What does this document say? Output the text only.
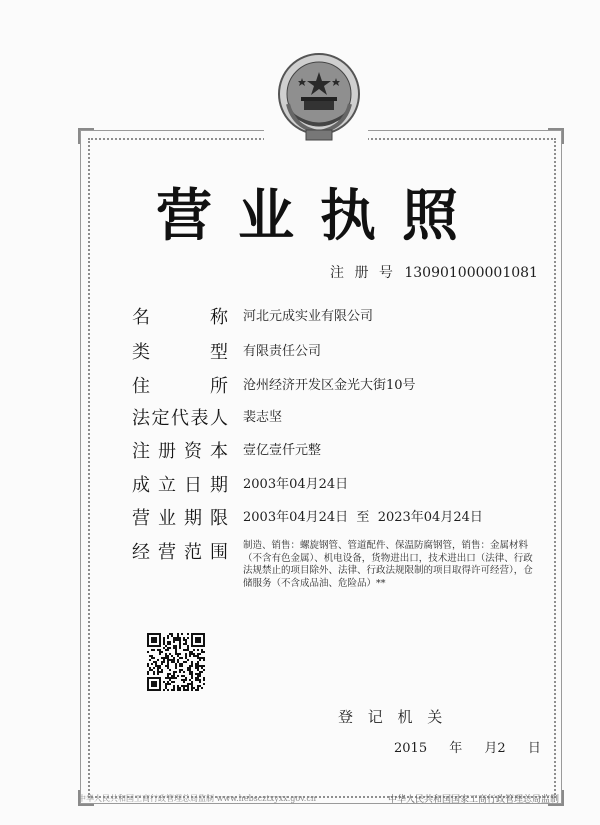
营业执照
注 册 号 130901000001081
名	称 河北元成实业有限公司
类	型 有限责任公司
住	所 沧州经济开发区金光大街10号
法 定 代 表 人 裴志坚
注 册 资 本 壹亿壹仟元整
成 立 日 期 2003年04月24日
营 业 期 限 2003年04月24日  至  2023年04月24日
经 营 范 围 制造、销售：螺旋钢管、管道配件、保温防腐钢管，销售：金属材料（不含有色金属）、机电设备，货物进出口，技术进出口（法律、行政法规禁止的项目除外、法律、行政法规限制的项目取得许可经营），仓储服务（不含成品油、危险品）**
登 记 机 关
2015 年 月2 日
中华人民共和国工商行政管理总局监制 www.hebscztxyxx.gov.cn	中华人民共和国国家工商行政管理总局监制
